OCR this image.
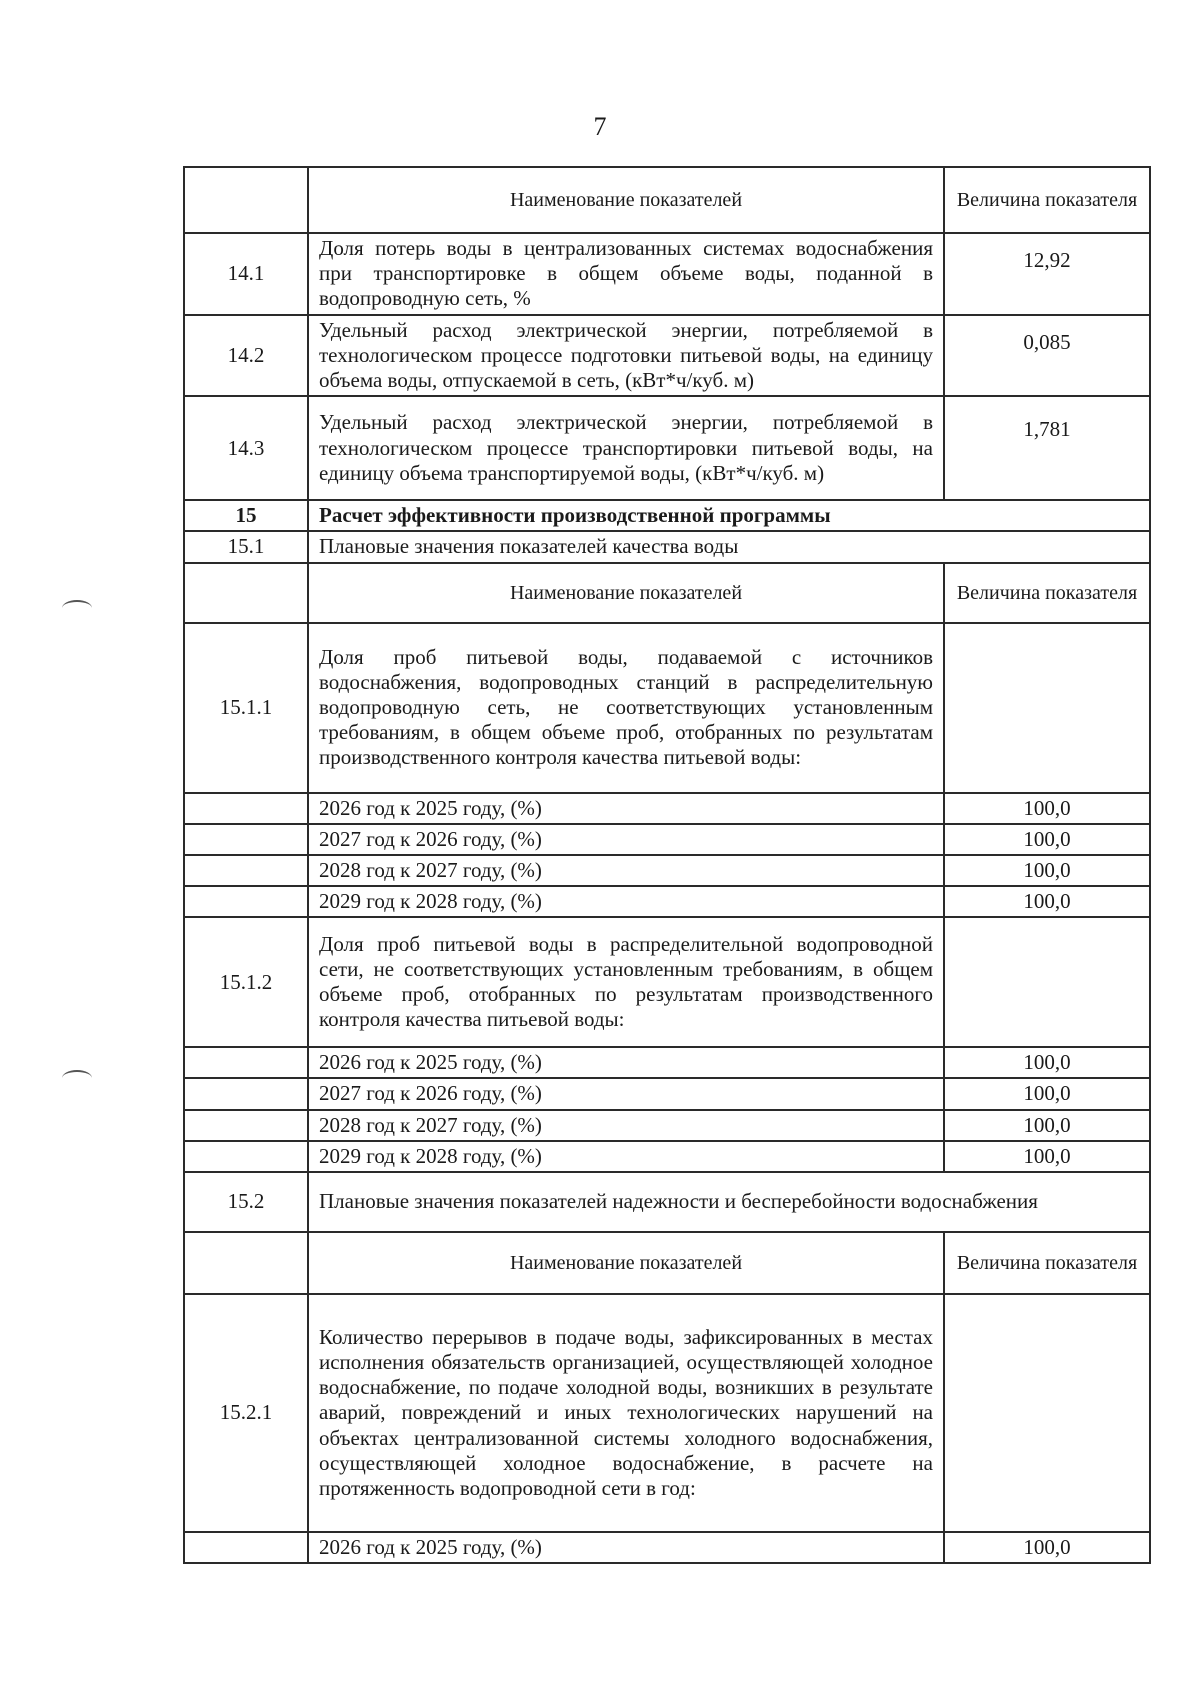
7
	Наименование показателей	Величина показателя
14.1	Доля потерь воды в централизованных системах водоснабжения при транспортировке в общем объеме воды, поданной в водопроводную сеть, %	12,92
14.2	Удельный расход электрической энергии, потребляемой в технологическом процессе подготовки питьевой воды, на единицу объема воды, отпускаемой в сеть, (кВт*ч/куб. м)	0,085
14.3	Удельный расход электрической энергии, потребляемой в технологическом процессе транспортировки питьевой воды, на единицу объема транспортируемой воды, (кВт*ч/куб. м)	1,781
15	Расчет эффективности производственной программы	
15.1	Плановые значения показателей качества воды	
	Наименование показателей	Величина показателя
15.1.1	Доля проб питьевой воды, подаваемой с источников водоснабжения, водопроводных станций в распределительную водопроводную сеть, не соответствующих установленным требованиям, в общем объеме проб, отобранных по результатам производственного контроля качества питьевой воды:	
	2026 год к 2025 году, (%)	100,0
	2027 год к 2026 году, (%)	100,0
	2028 год к 2027 году, (%)	100,0
	2029 год к 2028 году, (%)	100,0
15.1.2	Доля проб питьевой воды в распределительной водопроводной сети, не соответствующих установленным требованиям, в общем объеме проб, отобранных по результатам производственного контроля качества питьевой воды:	
	2026 год к 2025 году, (%)	100,0
	2027 год к 2026 году, (%)	100,0
	2028 год к 2027 году, (%)	100,0
	2029 год к 2028 году, (%)	100,0
15.2	Плановые значения показателей надежности и бесперебойности водоснабжения	
	Наименование показателей	Величина показателя
15.2.1	Количество перерывов в подаче воды, зафиксированных в местах исполнения обязательств организацией, осуществляющей холодное водоснабжение, по подаче холодной воды, возникших в результате аварий, повреждений и иных технологических нарушений на объектах централизованной системы холодного водоснабжения, осуществляющей холодное водоснабжение, в расчете на протяженность водопроводной сети в год:	
	2026 год к 2025 году, (%)	100,0
